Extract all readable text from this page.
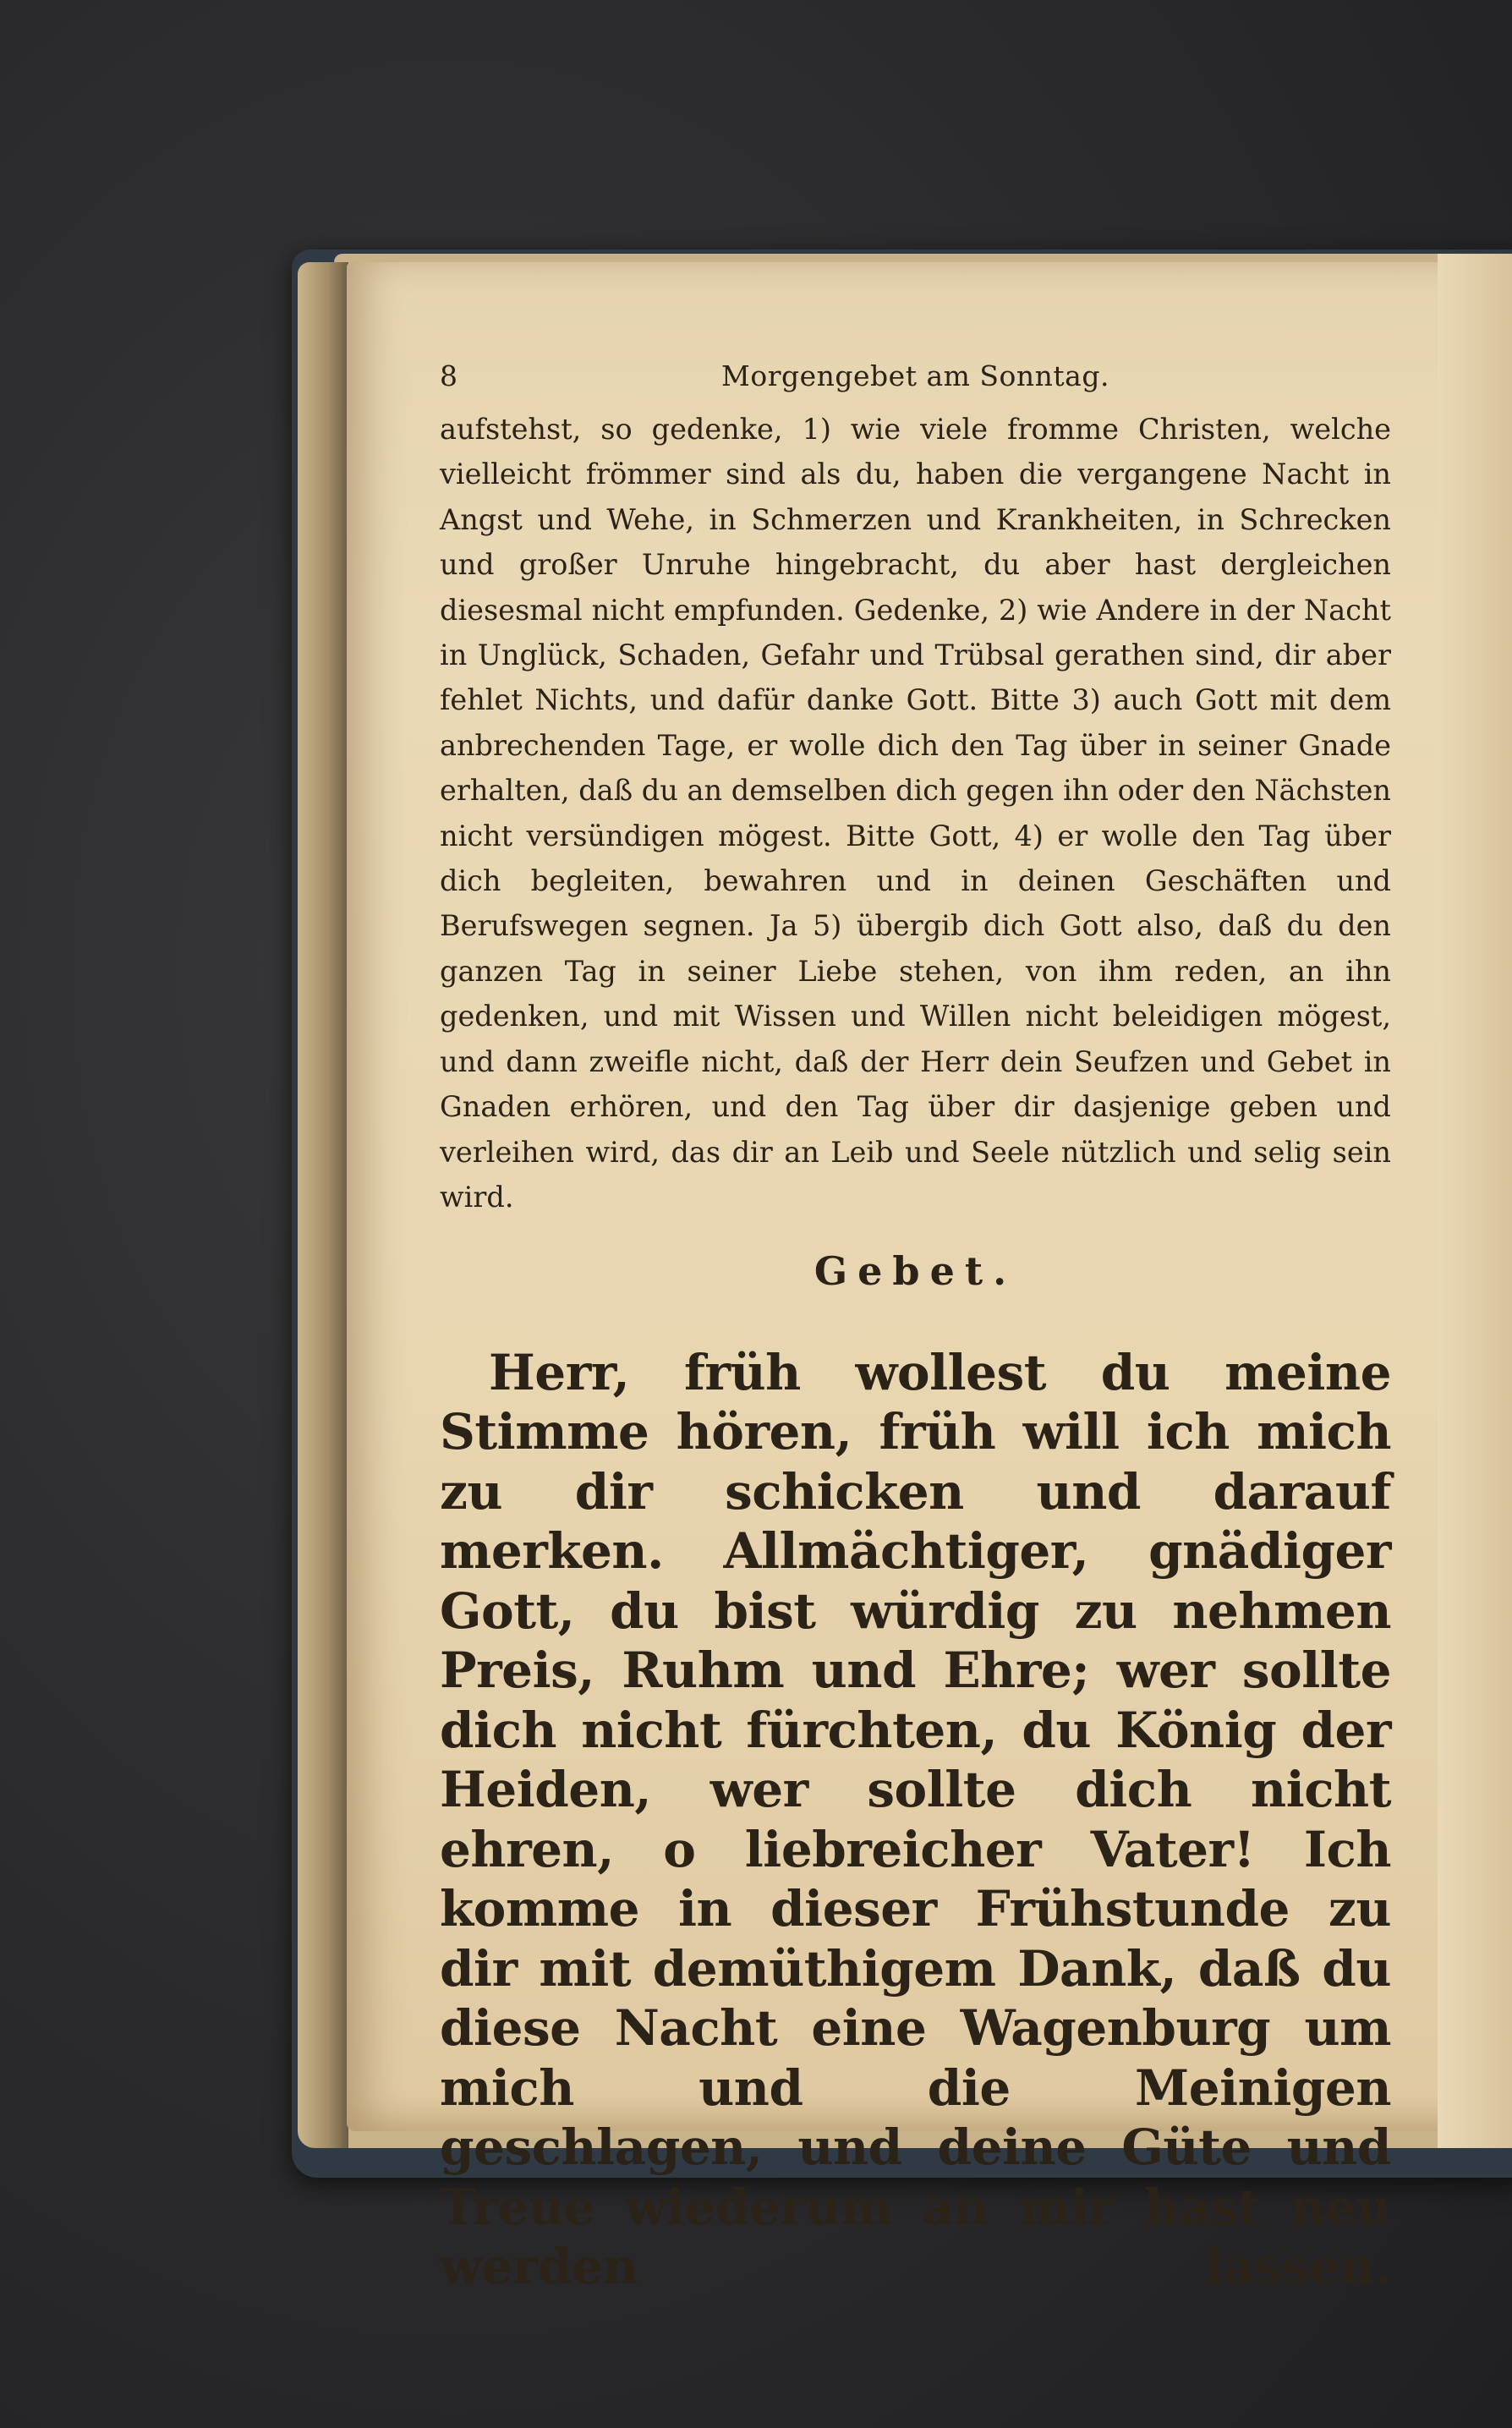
8	Morgengebet am Sonntag.

aufstehst, so gedenke, 1) wie viele fromme Christen, welche vielleicht frömmer sind als du, haben die vergangene Nacht in Angst und Wehe, in Schmerzen und Krankheiten, in Schrecken und großer Unruhe hingebracht, du aber hast dergleichen diesesmal nicht empfunden. Gedenke, 2) wie Andere in der Nacht in Unglück, Schaden, Gefahr und Trübsal gerathen sind, dir aber fehlet Nichts, und dafür danke Gott. Bitte 3) auch Gott mit dem anbrechenden Tage, er wolle dich den Tag über in seiner Gnade erhalten, daß du an demselben dich gegen ihn oder den Nächsten nicht versündigen mögest. Bitte Gott, 4) er wolle den Tag über dich begleiten, bewahren und in deinen Geschäften und Berufswegen segnen. Ja 5) übergib dich Gott also, daß du den ganzen Tag in seiner Liebe stehen, von ihm reden, an ihn gedenken, und mit Wissen und Willen nicht beleidigen mögest, und dann zweifle nicht, daß der Herr dein Seufzen und Gebet in Gnaden erhören, und den Tag über dir dasjenige geben und verleihen wird, das dir an Leib und Seele nützlich und selig sein wird.

Gebet.

Herr, früh wollest du meine Stimme hören, früh will ich mich zu dir schicken und darauf merken. Allmächtiger, gnädiger Gott, du bist würdig zu nehmen Preis, Ruhm und Ehre; wer sollte dich nicht fürchten, du König der Heiden, wer sollte dich nicht ehren, o liebreicher Vater! Ich komme in dieser Frühstunde zu dir mit demüthigem Dank, daß du diese Nacht eine Wagenburg um mich und die Meinigen geschlagen, und deine Güte und Treue wiederum an mir hast neu werden lassen.
